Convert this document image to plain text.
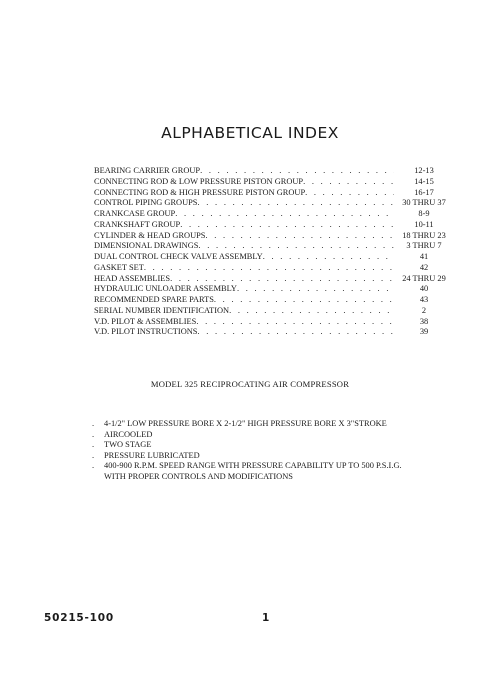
ALPHABETICAL INDEX
BEARING CARRIER GROUP . . .	12-13
CONNECTING ROD & LOW PRESSURE PISTON GROUP . . .	14-15
CONNECTING ROD & HIGH PRESSURE PISTON GROUP . . .	16-17
CONTROL PIPING GROUPS . . .	30 THRU 37
CRANKCASE GROUP . . .	8-9
CRANKSHAFT GROUP . . .	10-11
CYLINDER & HEAD GROUPS . . .	18 THRU 23
DIMENSIONAL DRAWINGS . . .	3 THRU 7
DUAL CONTROL CHECK VALVE ASSEMBLY . . .	41
GASKET SET . . .	42
HEAD ASSEMBLIES . . .	24 THRU 29
HYDRAULIC UNLOADER ASSEMBLY . . .	40
RECOMMENDED SPARE PARTS . . .	43
SERIAL NUMBER IDENTIFICATION . . .	2
V.D. PILOT & ASSEMBLIES . . .	38
V.D. PILOT INSTRUCTIONS . . .	39
MODEL 325 RECIPROCATING AIR COMPRESSOR
. 4-1/2" LOW PRESSURE BORE X 2-1/2" HIGH PRESSURE BORE X 3"STROKE
. AIRCOOLED
. TWO STAGE
. PRESSURE LUBRICATED
. 400-900 R.P.M. SPEED RANGE WITH PRESSURE CAPABILITY UP TO 500 P.S.I.G.
WITH PROPER CONTROLS AND MODIFICATIONS
50215-100	1
